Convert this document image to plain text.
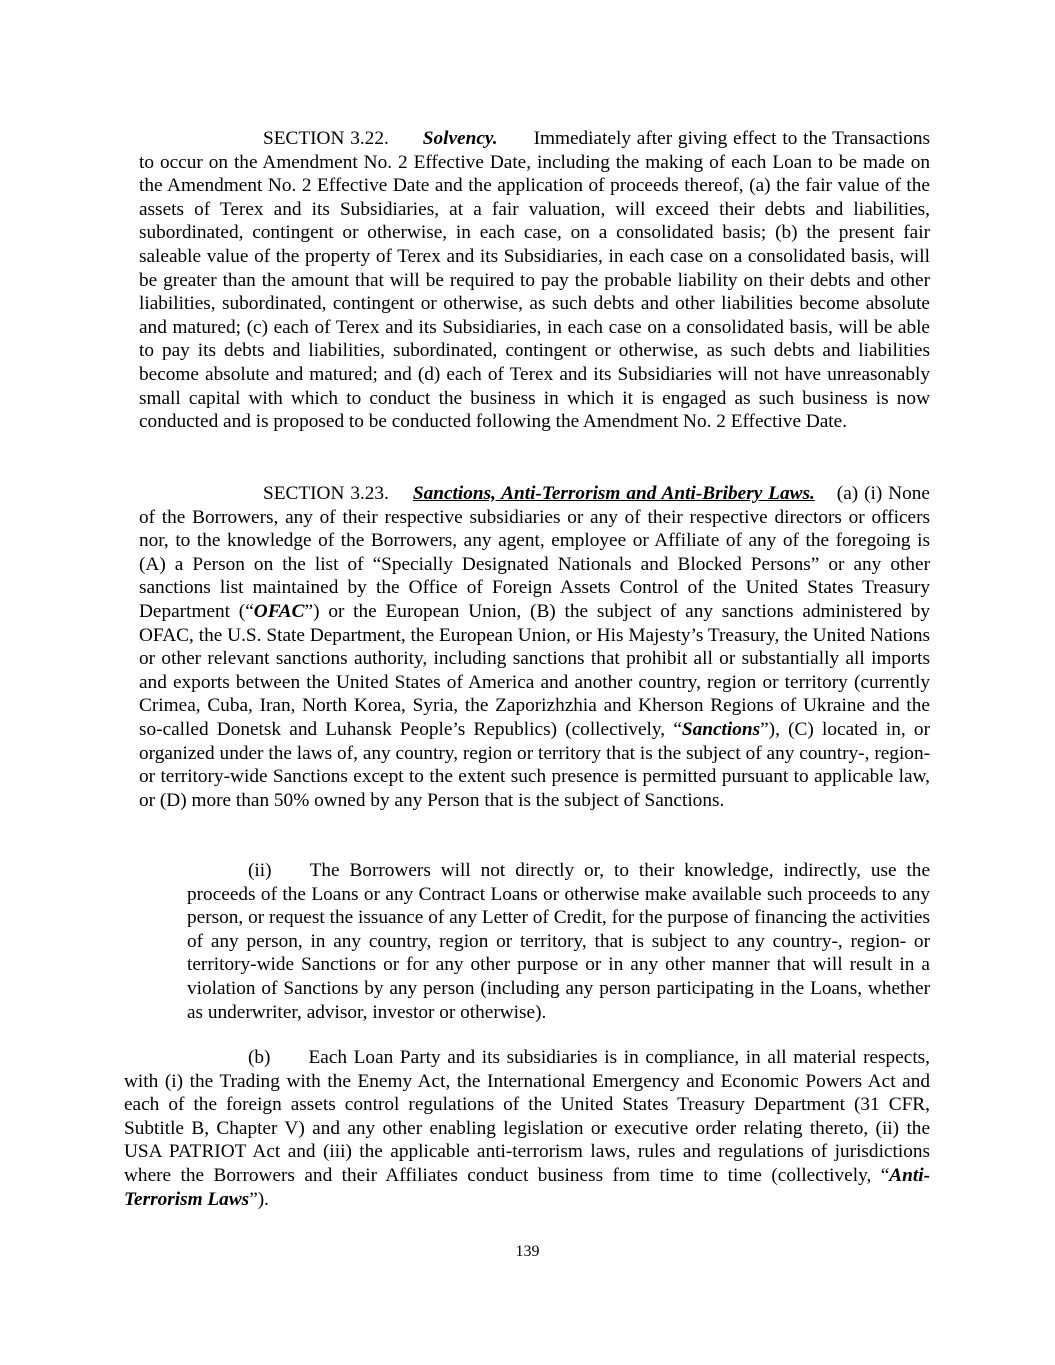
SECTION 3.22. Solvency. Immediately after giving effect to the Transactions to occur on the Amendment No. 2 Effective Date, including the making of each Loan to be made on the Amendment No. 2 Effective Date and the application of proceeds thereof, (a) the fair value of the assets of Terex and its Subsidiaries, at a fair valuation, will exceed their debts and liabilities, subordinated, contingent or otherwise, in each case, on a consolidated basis; (b) the present fair saleable value of the property of Terex and its Subsidiaries, in each case on a consolidated basis, will be greater than the amount that will be required to pay the probable liability on their debts and other liabilities, subordinated, contingent or otherwise, as such debts and other liabilities become absolute and matured; (c) each of Terex and its Subsidiaries, in each case on a consolidated basis, will be able to pay its debts and liabilities, subordinated, contingent or otherwise, as such debts and liabilities become absolute and matured; and (d) each of Terex and its Subsidiaries will not have unreasonably small capital with which to conduct the business in which it is engaged as such business is now conducted and is proposed to be conducted following the Amendment No. 2 Effective Date.

SECTION 3.23. Sanctions, Anti-Terrorism and Anti-Bribery Laws. (a) (i) None of the Borrowers, any of their respective subsidiaries or any of their respective directors or officers nor, to the knowledge of the Borrowers, any agent, employee or Affiliate of any of the foregoing is (A) a Person on the list of “Specially Designated Nationals and Blocked Persons” or any other sanctions list maintained by the Office of Foreign Assets Control of the United States Treasury Department (“OFAC”) or the European Union, (B) the subject of any sanctions administered by OFAC, the U.S. State Department, the European Union, or His Majesty’s Treasury, the United Nations or other relevant sanctions authority, including sanctions that prohibit all or substantially all imports and exports between the United States of America and another country, region or territory (currently Crimea, Cuba, Iran, North Korea, Syria, the Zaporizhzhia and Kherson Regions of Ukraine and the so-called Donetsk and Luhansk People’s Republics) (collectively, “Sanctions”), (C) located in, or organized under the laws of, any country, region or territory that is the subject of any country-, region- or territory-wide Sanctions except to the extent such presence is permitted pursuant to applicable law, or (D) more than 50% owned by any Person that is the subject of Sanctions.

(ii) The Borrowers will not directly or, to their knowledge, indirectly, use the proceeds of the Loans or any Contract Loans or otherwise make available such proceeds to any person, or request the issuance of any Letter of Credit, for the purpose of financing the activities of any person, in any country, region or territory, that is subject to any country-, region- or territory-wide Sanctions or for any other purpose or in any other manner that will result in a violation of Sanctions by any person (including any person participating in the Loans, whether as underwriter, advisor, investor or otherwise).

(b) Each Loan Party and its subsidiaries is in compliance, in all material respects, with (i) the Trading with the Enemy Act, the International Emergency and Economic Powers Act and each of the foreign assets control regulations of the United States Treasury Department (31 CFR, Subtitle B, Chapter V) and any other enabling legislation or executive order relating thereto, (ii) the USA PATRIOT Act and (iii) the applicable anti-terrorism laws, rules and regulations of jurisdictions where the Borrowers and their Affiliates conduct business from time to time (collectively, “Anti-Terrorism Laws”).

139
